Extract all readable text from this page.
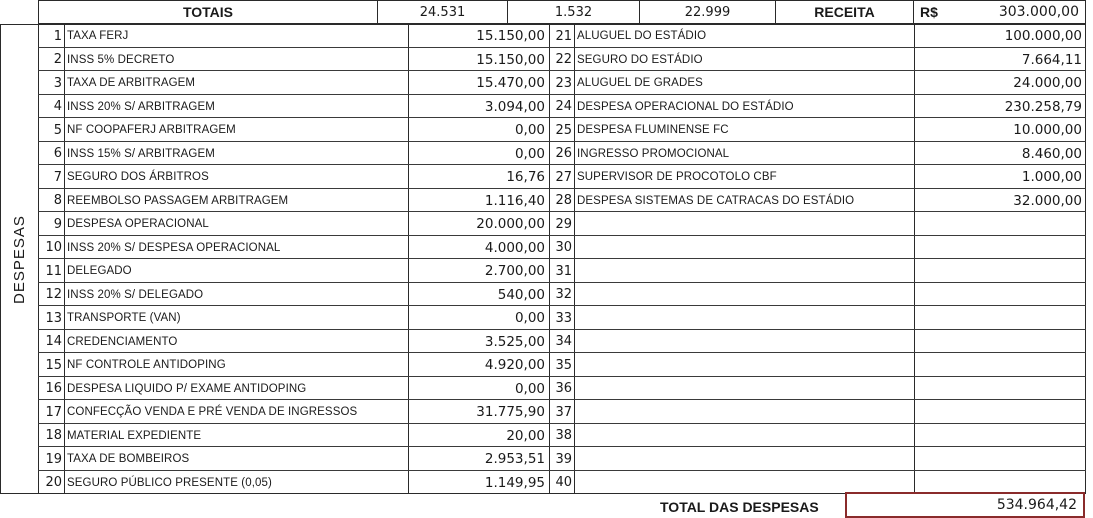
TOTAIS	24.531	1.532	22.999	RECEITA	R$	303.000,00
DESPESAS
1 TAXA FERJ	15.150,00
2 INSS 5% DECRETO	15.150,00
3 TAXA DE ARBITRAGEM	15.470,00
4 INSS 20% S/ ARBITRAGEM	3.094,00
5 NF COOPAFERJ ARBITRAGEM	0,00
6 INSS 15% S/ ARBITRAGEM	0,00
7 SEGURO DOS ÁRBITROS	16,76
8 REEMBOLSO PASSAGEM ARBITRAGEM	1.116,40
9 DESPESA OPERACIONAL	20.000,00
10 INSS 20% S/ DESPESA OPERACIONAL	4.000,00
11 DELEGADO	2.700,00
12 INSS 20% S/ DELEGADO	540,00
13 TRANSPORTE (VAN)	0,00
14 CREDENCIAMENTO	3.525,00
15 NF CONTROLE ANTIDOPING	4.920,00
16 DESPESA LIQUIDO P/ EXAME ANTIDOPING	0,00
17 CONFECÇÃO VENDA E PRÉ VENDA DE INGRESSOS	31.775,90
18 MATERIAL EXPEDIENTE	20,00
19 TAXA DE BOMBEIROS	2.953,51
20 SEGURO PÚBLICO PRESENTE (0,05)	1.149,95
21 ALUGUEL DO ESTÁDIO	100.000,00
22 SEGURO DO ESTÁDIO	7.664,11
23 ALUGUEL DE GRADES	24.000,00
24 DESPESA OPERACIONAL DO ESTÁDIO	230.258,79
25 DESPESA FLUMINENSE FC	10.000,00
26 INGRESSO PROMOCIONAL	8.460,00
27 SUPERVISOR DE PROCOTOLO CBF	1.000,00
28 DESPESA SISTEMAS DE CATRACAS DO ESTÁDIO	32.000,00
29
30
31
32
33
34
35
36
37
38
39
40
TOTAL DAS DESPESAS	534.964,42
